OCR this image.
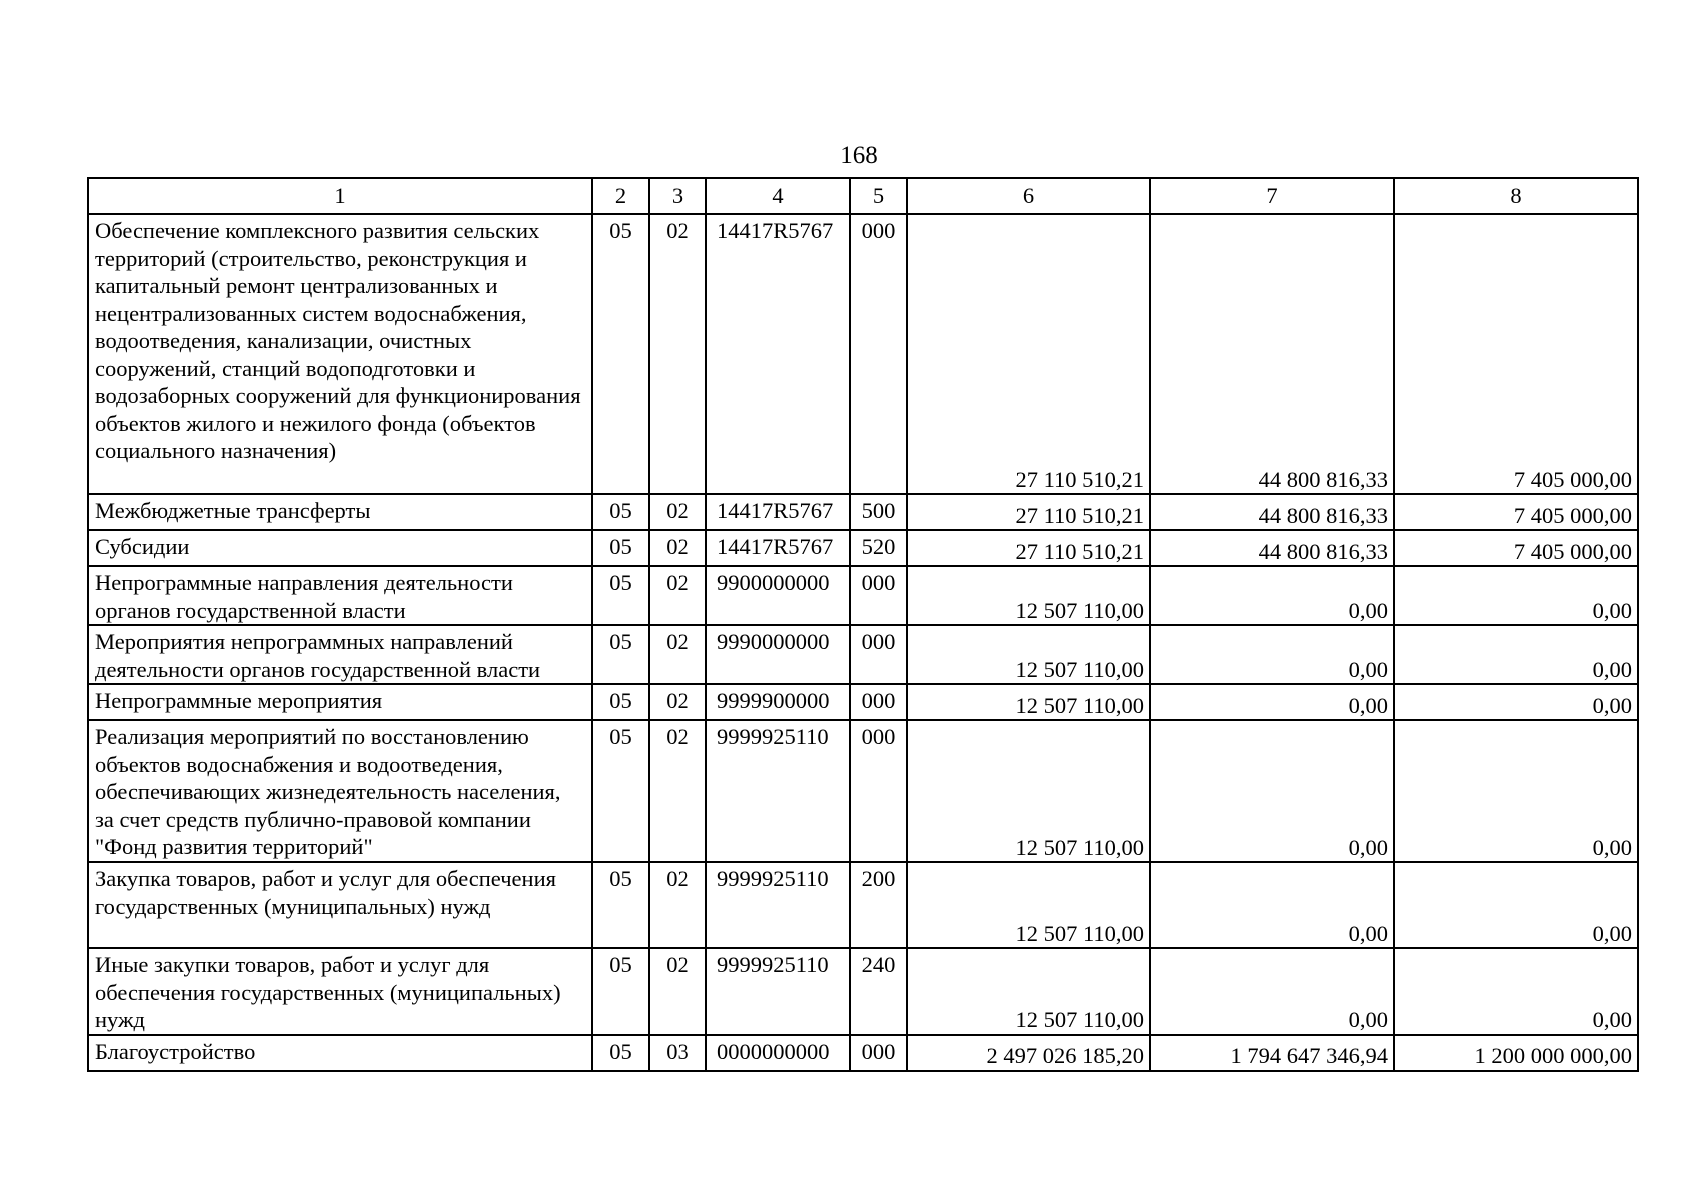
168
1	2	3	4	5	6	7	8
Обеспечение комплексного развития сельских территорий (строительство, реконструкция и капитальный ремонт централизованных и нецентрализованных систем водоснабжения, водоотведения, канализации, очистных сооружений, станций водоподготовки и водозаборных сооружений для функционирования объектов жилого и нежилого фонда (объектов социального назначения)	05	02	14417R5767	000	27 110 510,21	44 800 816,33	7 405 000,00
Межбюджетные трансферты	05	02	14417R5767	500	27 110 510,21	44 800 816,33	7 405 000,00
Субсидии	05	02	14417R5767	520	27 110 510,21	44 800 816,33	7 405 000,00
Непрограммные направления деятельности органов государственной власти	05	02	9900000000	000	12 507 110,00	0,00	0,00
Мероприятия непрограммных направлений деятельности органов государственной власти	05	02	9990000000	000	12 507 110,00	0,00	0,00
Непрограммные мероприятия	05	02	9999900000	000	12 507 110,00	0,00	0,00
Реализация мероприятий по восстановлению объектов водоснабжения и водоотведения, обеспечивающих жизнедеятельность населения, за счет средств публично-правовой компании "Фонд развития территорий"	05	02	9999925110	000	12 507 110,00	0,00	0,00
Закупка товаров, работ и услуг для обеспечения государственных (муниципальных) нужд	05	02	9999925110	200	12 507 110,00	0,00	0,00
Иные закупки товаров, работ и услуг для обеспечения государственных (муниципальных) нужд	05	02	9999925110	240	12 507 110,00	0,00	0,00
Благоустройство	05	03	0000000000	000	2 497 026 185,20	1 794 647 346,94	1 200 000 000,00
